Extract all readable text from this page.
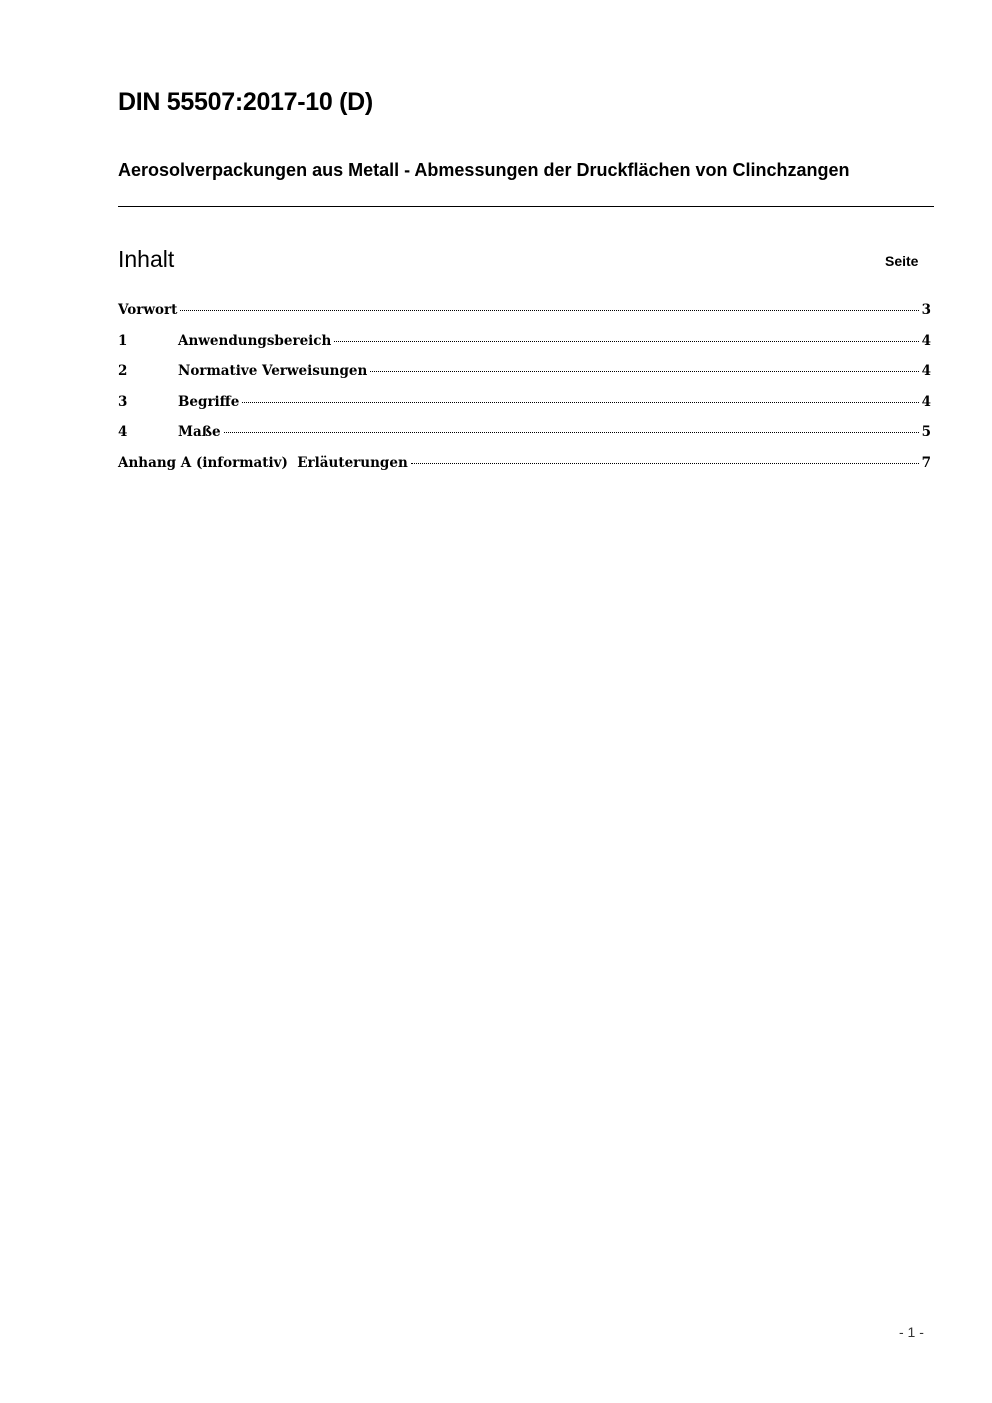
DIN 55507:2017-10 (D)
Aerosolverpackungen aus Metall - Abmessungen der Druckflächen von Clinchzangen
Inhalt	Seite
Vorwort	3
1	Anwendungsbereich	4
2	Normative Verweisungen	4
3	Begriffe	4
4	Maße	5
Anhang A (informativ)  Erläuterungen	7
- 1 -
